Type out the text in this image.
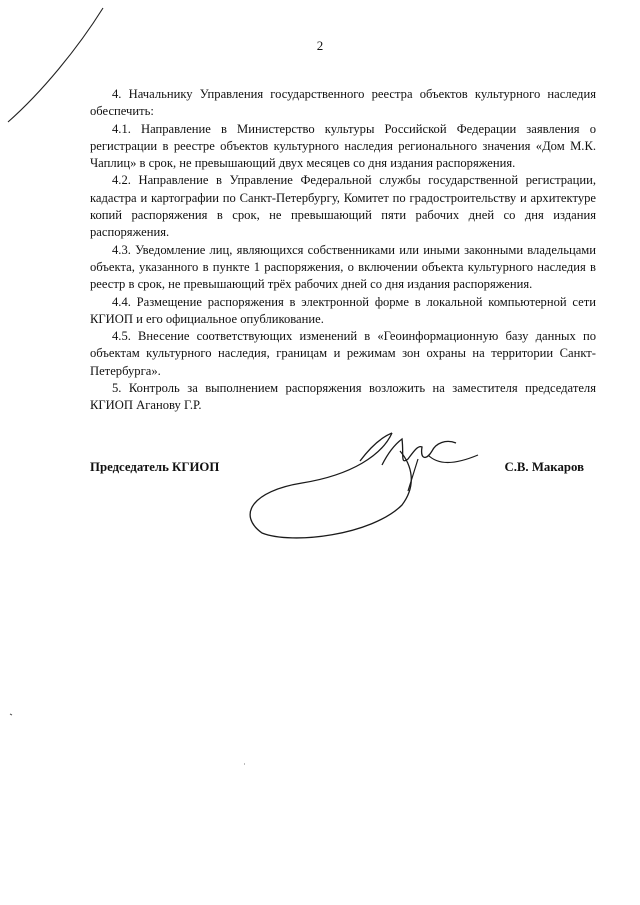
2

4. Начальнику Управления государственного реестра объектов культурного наследия обеспечить:

4.1. Направление в Министерство культуры Российской Федерации заявления о регистрации в реестре объектов культурного наследия регионального значения «Дом М.К. Чаплиц» в срок, не превышающий двух месяцев со дня издания распоряжения.

4.2. Направление в Управление Федеральной службы государственной регистрации, кадастра и картографии по Санкт-Петербургу, Комитет по градостроительству и архитектуре копий распоряжения в срок, не превышающий пяти рабочих дней со дня издания распоряжения.

4.3. Уведомление лиц, являющихся собственниками или иными законными владельцами объекта, указанного в пункте 1 распоряжения, о включении объекта культурного наследия в реестр в срок, не превышающий трёх рабочих дней со дня издания распоряжения.

4.4. Размещение распоряжения в электронной форме в локальной компьютерной сети КГИОП и его официальное опубликование.

4.5. Внесение соответствующих изменений в «Геоинформационную базу данных по объектам культурного наследия, границам и режимам зон охраны на территории Санкт-Петербурга».

5. Контроль за выполнением распоряжения возложить на заместителя председателя КГИОП Аганову Г.Р.

Председатель КГИОП	С.В. Макаров
